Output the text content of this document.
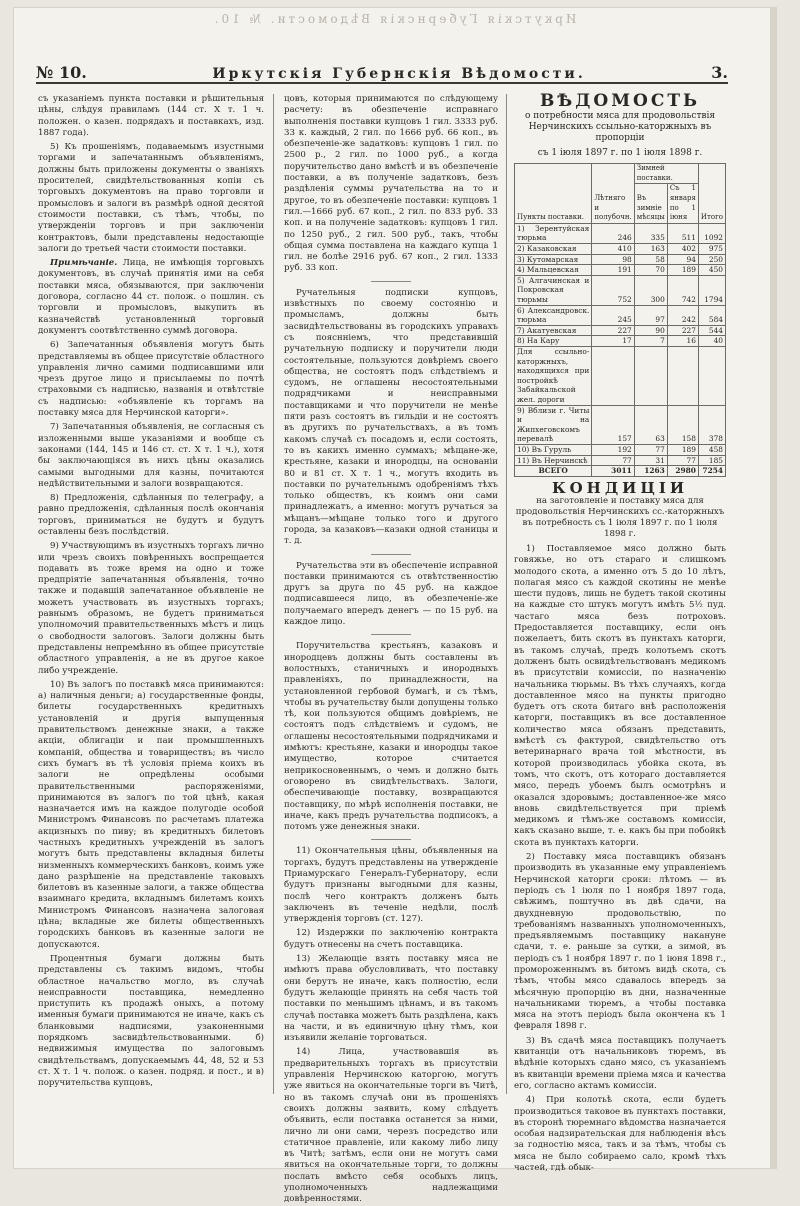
Иркутскія Губернскія Вѣдомости. № 10.
№ 10.	Иркутскія Губернскія Вѣдомости.	3.

съ указаніемъ пункта поставки и рѣшительныя цѣны, слѣдуя правиламъ (144 ст. X т. 1 ч. положен. о казен. подрядахъ и поставкахъ, изд. 1887 года).

5) Къ прошеніямъ, подаваемымъ изустными торгами и запечатаннымъ объявленіямъ, должны быть приложены документы о званіяхъ просителей, свидѣтельствованныя копіи съ торговыхъ документовъ на право торговли и промысловъ и залоги въ размѣрѣ одной десятой стоимости поставки, съ тѣмъ, чтобы, по утвержденіи торговъ и при заключеніи контрактовъ, были представлены недостающіе залоги до третьей части стоимости поставки.

Примѣчаніе. Лица, не имѣющія торговыхъ документовъ, въ случаѣ принятія ими на себя поставки мяса, обязываются, при заключеніи договора, согласно 44 ст. полож. о пошлин. съ торговли и промысловъ, выкупить въ казначействѣ установленный торговый документъ соотвѣтственно суммѣ договора.

6) Запечатанныя объявленія могутъ быть представляемы въ общее присутствіе областного управленія лично самими подписавшими или чрезъ другое лицо и присылаемы по почтѣ страховыми съ надписью, названія и отвѣтствіе съ надписью: «объявленіе къ торгамъ на поставку мяса для Нерчинской каторги».

7) Запечатанныя объявленія, не согласныя съ изложенными выше указаніями и вообще съ законами (144, 145 и 146 ст. ст. X т. 1 ч.), хотя бы заключающіяся въ нихъ цѣны оказались самыми выгодными для казны, почитаются недѣйствительными и залоги возвращаются.

8) Предложенія, сдѣланныя по телеграфу, а равно предложенія, сдѣланныя послѣ окончанія торговъ, приниматься не будутъ и будутъ оставлены безъ послѣдствій.

9) Участвующимъ въ изустныхъ торгахъ лично или чрезъ своихъ повѣренныхъ воспрещается подавать въ тоже время на одно и тоже предпріятіе запечатанныя объявленія, точно также и подавшій запечатанное объявленіе не можетъ участвовать въ изустныхъ торгахъ; равнымъ образомъ, не будетъ приниматься уполномочий правительственныхъ мѣстъ и лицъ о свободности залоговъ. Залоги должны быть представлены непремѣнно въ общее присутствіе областного управленія, а не въ другое какое либо учрежденіе.

10) Въ залогъ по поставкѣ мяса принимаются: а) наличныя деньги; а) государственные фонды, билеты государственныхъ кредитныхъ установленій и другія выпущенныя правительствомъ денежные знаки, а также акціи, облигаціи и паи промышленныхъ компаній, общества и товариществъ; въ число сихъ бумагъ въ тѣ условія пріема коихъ въ залоги не опредѣлены особыми правительственными распоряженіями, принимаются въ залогъ по той цѣнѣ, какая назначается имъ на каждое полугодіе особой Министромъ Финансовъ по расчетамъ платежа акцизныхъ по пиву; въ кредитныхъ билетовъ частныхъ кредитныхъ учрежденій въ залогъ могутъ быть представлены вкладныя билеты низменныхъ коммерческихъ банковъ, коимъ уже дано разрѣшеніе на представленіе таковыхъ билетовъ въ казенные залоги, а также общества взаимнаго кредита, вкладнымъ билетамъ коихъ Министромъ Финансовъ назначена залоговая цѣна; вкладные же билеты общественныхъ городскихъ банковъ въ казенные залоги не допускаются.

Процентныя бумаги должны быть представлены съ такимъ видомъ, чтобы областное начальство могло, въ случаѣ неисправности поставщика, немедленно приступить къ продажѣ оныхъ, а потому именныя бумаги принимаются не иначе, какъ съ бланковыми надписями, узаконенными порядкомъ засвидѣтельствованными. б) недвижимыя имущества по залоговымъ свидѣтельствамъ, допускаемымъ 44, 48, 52 и 53 ст. X т. 1 ч. полож. о казен. подряд. и пост., и в) поручительства купцовъ,

цовъ, которыя принимаются по слѣдующему расчету: въ обезпеченіе исправнаго выполненія поставки купцовъ 1 гил. 3333 руб. 33 к. каждый, 2 гил. по 1666 руб. 66 коп., въ обезпеченіе-же задатковъ: купцовъ 1 гил. по 2500 р., 2 гил. по 1000 руб., а когда поручительство дано вмѣстѣ и въ обезпеченіе поставки, а въ полученіе задатковъ, безъ раздѣленія суммы ручательства на то и другое, то въ обезпеченіе поставки: купцовъ 1 гил.—1666 руб. 67 коп., 2 гил. по 833 руб. 33 коп. и на полученіе задатковъ: купцовъ 1 гил. по 1250 руб., 2 гил. 500 руб., такъ, чтобы общая сумма поставлена на каждаго купца 1 гил. не болѣе 2916 руб. 67 коп., 2 гил. 1333 руб. 33 коп.

Ручательныя подписки купцовъ, извѣстныхъ по своему состоянію и промысламъ, должны быть засвидѣтельствованы въ городскихъ управахъ съ пояснніемъ, что представившій ручательную подписку и поручители люди состоятельные, пользуются довѣріемъ своего общества, не состоятъ подъ слѣдствіемъ и судомъ, не оглашены несостоятельными подрядчиками и неисправными поставщиками и что поручители не менѣе пяти разъ состоятъ въ гильдіи и не состоятъ въ другихъ по ручательствахъ, а въ томъ какомъ случаѣ съ посадомъ и, если состоять, то въ какихъ именно суммахъ; мѣщане-же, крестьяне, казаки и инородцы, на основаніи 80 и 81 ст. X т. 1 ч., могутъ входить въ поставки по ручательнымъ одобреніямъ тѣхъ только обществъ, къ коимъ они сами принадлежатъ, а именно: могутъ ручаться за мѣщанъ—мѣщане только того и другого города, за казаковъ—казаки одной станицы и т. д.

Ручательства эти въ обеспеченіе исправной поставки принимаются съ отвѣтственностію другъ за друга по 45 руб. на каждое подписавшееся лицо, въ обезпеченіе-же получаемаго впередъ денегъ — по 15 руб. на каждое лицо.

Поручительства крестьянъ, казаковъ и инородцевъ должны быть составлены въ волостныхъ, станичныхъ и инородныхъ правленіяхъ, по принадлежности, на установленной гербовой бумагѣ, и съ тѣмъ, чтобы въ ручательству были допущены только тѣ, кои пользуются общимъ довѣріемъ, не состоятъ подъ слѣдствіемъ и судомъ, не оглашены несостоятельными подрядчиками и имѣютъ: крестьяне, казаки и инородцы такое имущество, которое считается неприкосновеннымъ, о чемъ и должно быть оговорено въ свидѣтельствахъ. Залоги, обеспечивающіе поставку, возвращаются поставщику, по мѣрѣ исполненія поставки, не иначе, какъ предъ ручательства подписокъ, а потомъ уже денежныя знаки.

11) Окончательныя цѣны, объявленныя на торгахъ, будутъ представлены на утвержденіе Приамурскаго Генералъ-Губернатору, если будутъ признаны выгодными для казны, послѣ чего контрактъ долженъ быть заключенъ въ теченіе недѣли, послѣ утвержденія торговъ (ст. 127).

12) Издержки по заключенію контракта будутъ отнесены на счетъ поставщика.

13) Желающіе взять поставку мяса не имѣютъ права обусловливать, что поставку они берутъ не иначе, какъ полностію, если будутъ желающіе принять на себя часть той поставки по меньшимъ цѣнамъ, и въ такомъ случаѣ поставка можетъ быть раздѣлена, какъ на части, и въ единичную цѣну тѣмъ, кои изъявили желаніе торговаться.

14) Лица, участвовавшія въ предварительныхъ торгахъ въ присутствіи управленія Нерчинскою каторгою, могутъ уже явиться на окончательные торги въ Читѣ, но въ такомъ случаѣ они въ прошеніяхъ своихъ должны заявить, кому слѣдуетъ объявить, если поставка останется за ними, лично ли они сами, черезъ посредство или статичное правленіе, или какому либо лицу въ Читѣ; затѣмъ, если они не могутъ сами явиться на окончательные торги, то должны послать вмѣсто себя особыхъ лицъ, уполномоченныхъ надлежащими довѣренностями.

ВѢДОМОСТЬ
о потребности мяса для продовольствія Нерчинскихъ ссыльно-каторжныхъ въ пропорціи
съ 1 іюля 1897 г. по 1 іюля 1898 г.
Пункты поставки.	Лѣтняго и полубочн.	Зимней поставки.		Итого
		Въ зимніе мѣсяцы	Съ 1 января по 1 іюня	
1) Зерентуйская тюрьма	246	335	511	1092
2) Казаковская	410	163	402	975
3) Кутомарская	98	58	94	250
4) Мальцевская	191	70	189	450
5) Алгачинская и Покровская тюрьмы	752	300	742	1794
6) Александровск. тюрьма	245	97	242	584
7) Акатуевская	227	90	227	544
8) На Кару	17	7	16	40
Для ссыльно-каторжныхъ, находящихся при постройкѣ Забайкальской жел. дороги				
9) Вблизи г. Читы и на Жипхеговскомъ перевалѣ	157	63	158	378
10) Въ Гуруль	192	77	189	458
11) Въ Нерчинскѣ	77	31	77	185
ВСЕГО	3011	1263	2980	7254
КОНДИЦІИ
на заготовленіе и поставку мяса для продовольствія Нерчинскихъ сс.-каторжныхъ въ потребность съ 1 іюля 1897 г. по 1 іюля 1898 г.

1) Поставляемое мясо должно быть говяжье, но отъ стараго и слишкомъ молодого скота, а именно отъ 5 до 10 лѣтъ, полагая мясо съ каждой скотины не менѣе шести пудовъ, лишь не будетъ такой скотины на каждые сто штукъ могутъ имѣть 5½ пуд. частаго мяса безъ потроховъ. Предоставляется поставщику, если онъ пожелаетъ, бить скотъ въ пунктахъ каторги, въ такомъ случаѣ, предъ колотьемъ скотъ долженъ быть освидѣтельствованъ медикомъ въ присутствіи комиссіи, по назначенію начальника тюрьмы. Въ тѣхъ случаяхъ, когда доставленное мясо на пункты пригодно будетъ отъ скота битаго внѣ расположенія каторги, поставщикъ въ все доставленное количество мяса обязанъ представить, вмѣстѣ съ фактурой, свидѣтельство отъ ветеринарнаго врача той мѣстности, въ которой производилась убойка скота, въ томъ, что скотъ, отъ котораго доставляется мясо, передъ убоемъ былъ осмотрѣнъ и оказался здоровымъ; доставленное-же мясо вновь свидѣтельствуется при пріемѣ медикомъ и тѣмъ-же составомъ комиссіи, какъ сказано выше, т. е. какъ бы при побойкѣ скота въ пунктахъ каторги.

2) Поставку мяса поставщикъ обязанъ производить въ указанные ему управленіемъ Нерчинской каторги сроки: лѣтомъ — въ періодъ съ 1 іюля по 1 ноября 1897 года, свѣжимъ, поштучно въ двѣ сдачи, на двухдневную продовольствію, по требованіямъ названныхъ уполномоченныхъ, предъявляемымъ поставщику накануне сдачи, т. е. раньше за сутки, а зимой, въ періодъ съ 1 ноября 1897 г. по 1 іюня 1898 г., промороженнымъ въ битомъ видѣ скота, съ тѣмъ, чтобы мясо сдавалось впередъ за мѣсячную пропорцію въ дни, назначенные начальниками тюремъ, а чтобы поставка мяса на этотъ періодъ была окончена къ 1 февраля 1898 г.

3) Въ сдачѣ мяса поставщикъ получаетъ квитанціи отъ начальниковъ тюремъ, въ вѣдѣніе которыхъ сдано мясо, съ указаніемъ въ квитанціи времени пріема мяса и качества его, согласно актамъ комиссіи.

4) При колотьѣ скота, если будетъ производиться таковое въ пунктахъ поставки, въ сторонѣ тюремнаго вѣдомства назначается особая надзирательская для наблюденія вѣсъ за годностію мяса, такъ и за тѣмъ, чтобы съ мяса не было собираемо сало, кромѣ тѣхъ частей, гдѣ обык-
